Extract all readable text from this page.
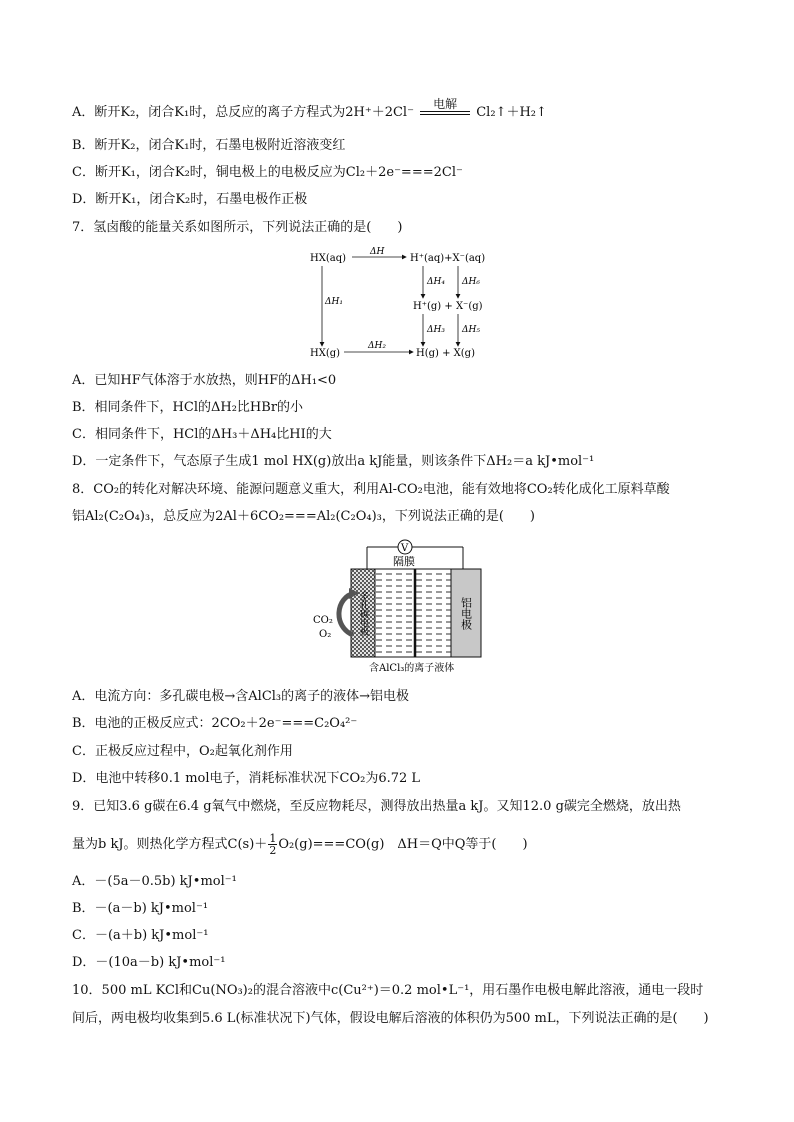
A．断开K₂，闭合K₁时，总反应的离子方程式为2H⁺＋2Cl⁻
电解
Cl₂↑＋H₂↑
B．断开K₂，闭合K₁时，石墨电极附近溶液变红
C．断开K₁，闭合K₂时，铜电极上的电极反应为Cl₂＋2e⁻===2Cl⁻
D．断开K₁，闭合K₂时，石墨电极作正极
7．氢卤酸的能量关系如图所示，下列说法正确的是(　　)
HX(aq)	H⁺(aq)+X⁻(aq)
H⁺(g) + X⁻(g)
HX(g)	H(g) + X(g)
ΔH
ΔH₁
ΔH₂
ΔH₄ ΔH₆
ΔH₃ ΔH₅
A．已知HF气体溶于水放热，则HF的ΔH₁<0
B．相同条件下，HCl的ΔH₂比HBr的小
C．相同条件下，HCl的ΔH₃＋ΔH₄比HI的大
D．一定条件下，气态原子生成1 mol HX(g)放出a kJ能量，则该条件下ΔH₂＝a kJ•mol⁻¹
8．CO₂的转化对解决环境、能源问题意义重大，利用Al-CO₂电池，能有效地将CO₂转化成化工原料草酸
铝Al₂(C₂O₄)₃，总反应为2Al＋6CO₂===Al₂(C₂O₄)₃，下列说法正确的是(　　)
V
隔膜
多孔碳电极	铝电极
CO₂
O₂
含AlCl₃的离子液体
A．电流方向：多孔碳电极→含AlCl₃的离子的液体→铝电极
B．电池的正极反应式：2CO₂＋2e⁻===C₂O₄²⁻
C．正极反应过程中，O₂起氧化剂作用
D．电池中转移0.1 mol电子，消耗标准状况下CO₂为6.72 L
9．已知3.6 g碳在6.4 g氧气中燃烧，至反应物耗尽，测得放出热量a kJ。又知12.0 g碳完全燃烧，放出热
量为b kJ。则热化学方程式$C(s)+ \frac{1}{2} O_2(g)===CO(g)$　ΔH＝Q中Q等于(　　)
A．－(5a－0.5b) kJ•mol⁻¹
B．－(a－b) kJ•mol⁻¹
C．－(a＋b) kJ•mol⁻¹
D．－(10a－b) kJ•mol⁻¹
10．500 mL KCl和Cu(NO₃)₂的混合溶液中c(Cu²⁺)＝0.2 mol•L⁻¹，用石墨作电极电解此溶液，通电一段时
间后，两电极均收集到5.6 L(标准状况下)气体，假设电解后溶液的体积仍为500 mL，下列说法正确的是(　　)
